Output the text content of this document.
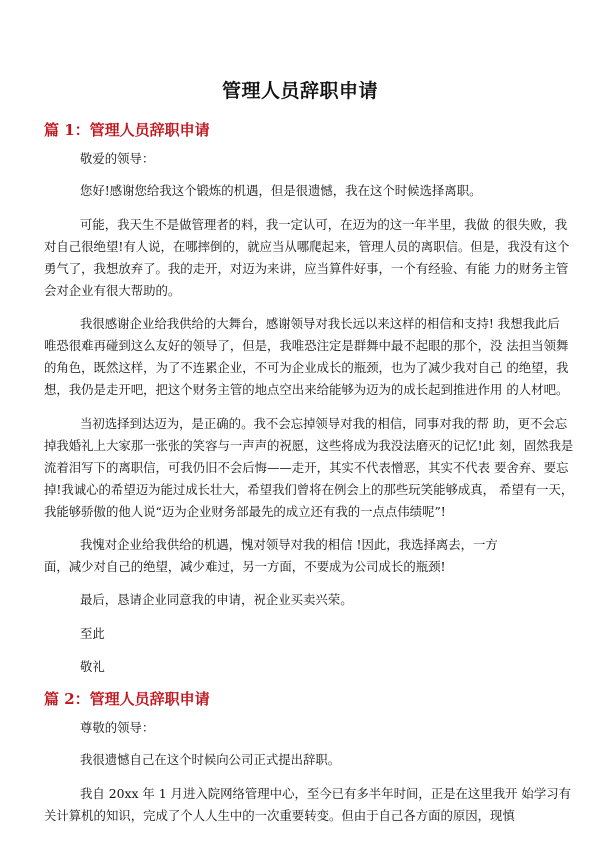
管理人员辞职申请
篇 1：管理人员辞职申请
敬爱的领导：
您好!感谢您给我这个锻炼的机遇，但是很遗憾，我在这个时候选择离职。
可能，我天生不是做管理者的料，我一定认可，在迈为的这一年半里，我做 的很失败，我
对自己很绝望!有人说，在哪摔倒的，就应当从哪爬起来，管理人员的离职信。但是，我没有这个
勇气了，我想放弃了。我的走开，对迈为来讲，应当算件好事，一个有经验、有能 力的财务主管
会对企业有很大帮助的。
我很感谢企业给我供给的大舞台，感谢领导对我长远以来这样的相信和支持! 我想我此后
唯恐很难再碰到这么友好的领导了，但是，我唯恐注定是群舞中最不起眼的那个，没 法担当领舞
的角色，既然这样，为了不连累企业，不可为企业成长的瓶颈，也为了减少我对自己 的绝望，我
想，我仍是走开吧，把这个财务主管的地点空出来给能够为迈为的成长起到推进作用 的人材吧。
当初选择到达迈为，是正确的。我不会忘掉领导对我的相信，同事对我的帮 助，更不会忘
掉我婚礼上大家那一张张的笑容与一声声的祝愿，这些将成为我没法磨灭的记忆!此 刻，固然我是
流着泪写下的离职信，可我仍旧不会后悔——走开，其实不代表憎恶，其实不代表 要舍弃、要忘
掉!我诚心的希望迈为能过成长壮大，希望我们曾将在例会上的那些玩笑能够成真， 希望有一天，
我能够骄傲的他人说“迈为企业财务部最先的成立还有我的一点点伟绩呢”!
我愧对企业给我供给的机遇，愧对领导对我的相信 !因此，我选择离去，一方
面，减少对自己的绝望，减少难过，另一方面，不要成为公司成长的瓶颈!
最后，恳请企业同意我的申请，祝企业买卖兴荣。
至此
敬礼
篇 2：管理人员辞职申请
尊敬的领导：
我很遗憾自己在这个时候向公司正式提出辞职。
我自 20xx 年 1 月进入院网络管理中心，至今已有多半年时间，正是在这里我开 始学习有
关计算机的知识，完成了个人人生中的一次重要转变。但由于自己各方面的原因，现慎
